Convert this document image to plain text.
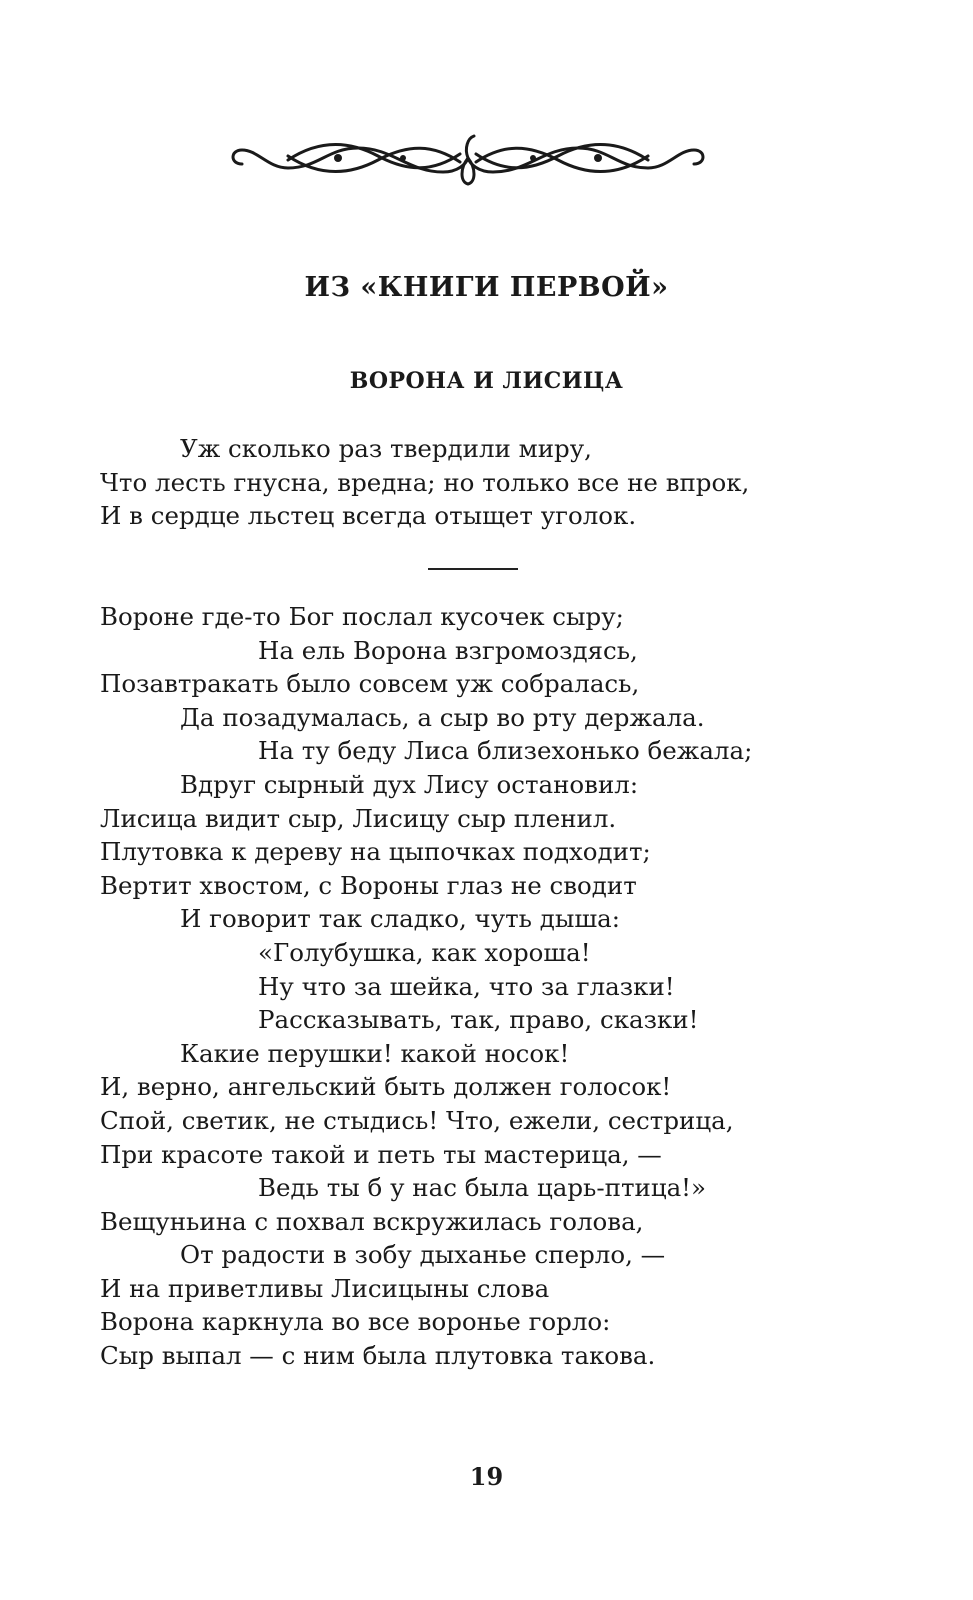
ИЗ «КНИГИ ПЕРВОЙ»
ВОРОНА И ЛИСИЦА
Уж сколько раз твердили миру,
Что лесть гнусна, вредна; но только все не впрок,
И в сердце льстец всегда отыщет уголок.
Вороне где-то Бог послал кусочек сыру;
На ель Ворона взгромоздясь,
Позавтракать было совсем уж собралась,
Да позадумалась, а сыр во рту держала.
На ту беду Лиса близехонько бежала;
Вдруг сырный дух Лису остановил:
Лисица видит сыр, Лисицу сыр пленил.
Плутовка к дереву на цыпочках подходит;
Вертит хвостом, с Вороны глаз не сводит
И говорит так сладко, чуть дыша:
«Голубушка, как хороша!
Ну что за шейка, что за глазки!
Рассказывать, так, право, сказки!
Какие перушки! какой носок!
И, верно, ангельский быть должен голосок!
Спой, светик, не стыдись! Что, ежели, сестрица,
При красоте такой и петь ты мастерица, —
Ведь ты б у нас была царь-птица!»
Вещуньина с похвал вскружилась голова,
От радости в зобу дыханье сперло, —
И на приветливы Лисицыны слова
Ворона каркнула во все воронье горло:
Сыр выпал — с ним была плутовка такова.
19
